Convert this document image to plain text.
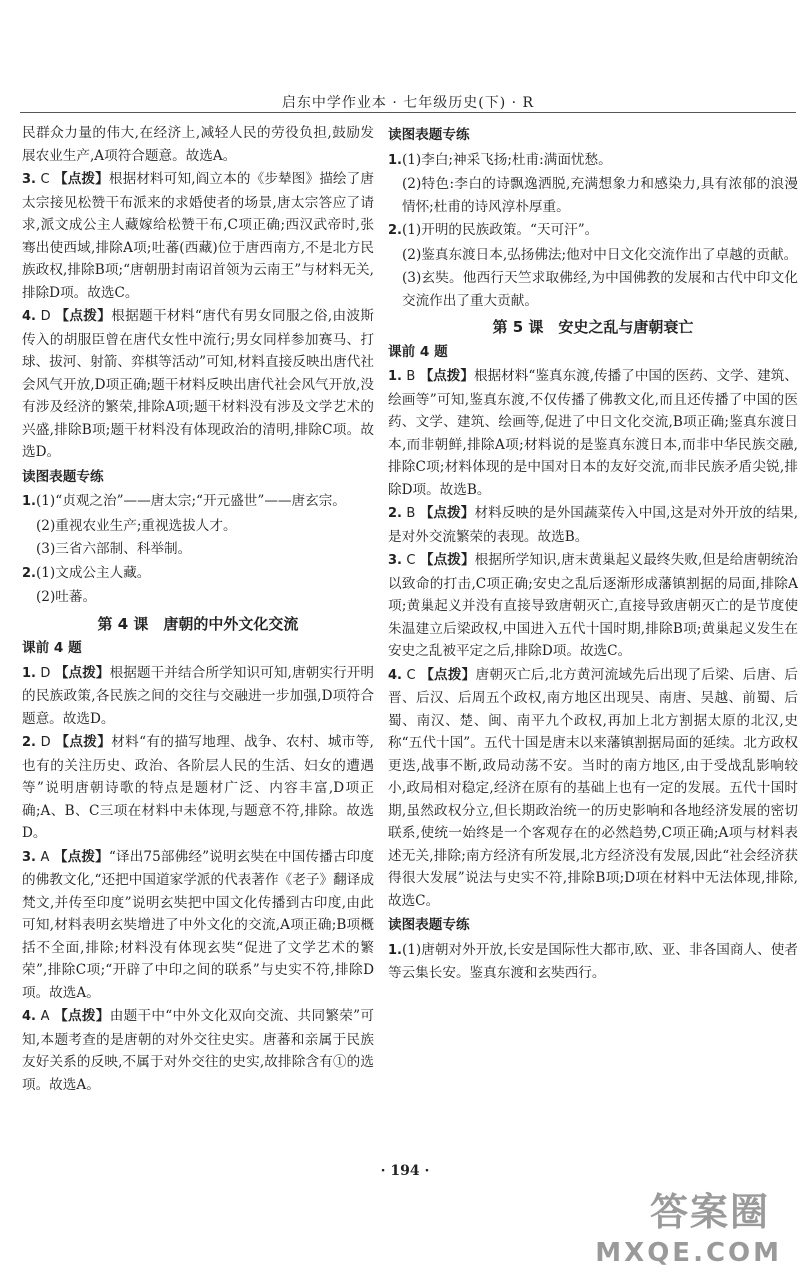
启东中学作业本 · 七年级历史(下) · R
民群众力量的伟大,在经济上,减轻人民的劳役负担,鼓励发展农业生产,A项符合题意。故选A。
3. C 【点拨】根据材料可知,阎立本的《步辇图》描绘了唐太宗接见松赞干布派来的求婚使者的场景,唐太宗答应了请求,派文成公主人藏嫁给松赞干布,C项正确;西汉武帝时,张骞出使西域,排除A项;吐蕃(西藏)位于唐西南方,不是北方民族政权,排除B项;“唐朝册封南诏首领为云南王”与材料无关,排除D项。故选C。
4. D 【点拨】根据题干材料“唐代有男女同服之俗,由波斯传入的胡服臣曾在唐代女性中流行;男女同样参加赛马、打球、拔河、射箭、弈棋等活动”可知,材料直接反映出唐代社会风气开放,D项正确;题干材料反映出唐代社会风气开放,没有涉及经济的繁荣,排除A项;题干材料没有涉及文学艺术的兴盛,排除B项;题干材料没有体现政治的清明,排除C项。故选D。
读图表题专练
1.(1)“贞观之治”——唐太宗;“开元盛世”——唐玄宗。
(2)重视农业生产;重视选拔人才。
(3)三省六部制、科举制。
2.(1)文成公主人藏。
(2)吐蕃。
第 4 课　唐朝的中外文化交流
课前 4 题
1. D 【点拨】根据题干并结合所学知识可知,唐朝实行开明的民族政策,各民族之间的交往与交融进一步加强,D项符合题意。故选D。
2. D 【点拨】材料“有的描写地理、战争、农村、城市等,也有的关注历史、政治、各阶层人民的生活、妇女的遭遇等”说明唐朝诗歌的特点是题材广泛、内容丰富,D项正确;A、B、C三项在材料中未体现,与题意不符,排除。故选D。
3. A 【点拨】“译出75部佛经”说明玄奘在中国传播古印度的佛教文化,“还把中国道家学派的代表著作《老子》翻译成梵文,并传至印度”说明玄奘把中国文化传播到古印度,由此可知,材料表明玄奘增进了中外文化的交流,A项正确;B项概括不全面,排除;材料没有体现玄奘“促进了文学艺术的繁荣”,排除C项;“开辟了中印之间的联系”与史实不符,排除D项。故选A。
4. A 【点拨】由题干中“中外文化双向交流、共同繁荣”可知,本题考查的是唐朝的对外交往史实。唐蕃和亲属于民族友好关系的反映,不属于对外交往的史实,故排除含有①的选项。故选A。
读图表题专练
1.(1)李白;神采飞扬;杜甫:满面忧愁。
(2)特色:李白的诗飘逸洒脱,充满想象力和感染力,具有浓郁的浪漫情怀;杜甫的诗风淳朴厚重。
2.(1)开明的民族政策。“天可汗”。
(2)鉴真东渡日本,弘扬佛法;他对中日文化交流作出了卓越的贡献。
(3)玄奘。他西行天竺求取佛经,为中国佛教的发展和古代中印文化交流作出了重大贡献。
第 5 课　安史之乱与唐朝衰亡
课前 4 题
1. B 【点拨】根据材料“鉴真东渡,传播了中国的医药、文学、建筑、绘画等”可知,鉴真东渡,不仅传播了佛教文化,而且还传播了中国的医药、文学、建筑、绘画等,促进了中日文化交流,B项正确;鉴真东渡日本,而非朝鲜,排除A项;材料说的是鉴真东渡日本,而非中华民族交融,排除C项;材料体现的是中国对日本的友好交流,而非民族矛盾尖锐,排除D项。故选B。
2. B 【点拨】材料反映的是外国蔬菜传入中国,这是对外开放的结果,是对外交流繁荣的表现。故选B。
3. C 【点拨】根据所学知识,唐末黄巢起义最终失败,但是给唐朝统治以致命的打击,C项正确;安史之乱后逐渐形成藩镇割据的局面,排除A项;黄巢起义并没有直接导致唐朝灭亡,直接导致唐朝灭亡的是节度使朱温建立后梁政权,中国进入五代十国时期,排除B项;黄巢起义发生在安史之乱被平定之后,排除D项。故选C。
4. C 【点拨】唐朝灭亡后,北方黄河流域先后出现了后梁、后唐、后晋、后汉、后周五个政权,南方地区出现吴、南唐、吴越、前蜀、后蜀、南汉、楚、闽、南平九个政权,再加上北方割据太原的北汉,史称“五代十国”。五代十国是唐末以来藩镇割据局面的延续。北方政权更迭,战事不断,政局动荡不安。当时的南方地区,由于受战乱影响较小,政局相对稳定,经济在原有的基础上也有一定的发展。五代十国时期,虽然政权分立,但长期政治统一的历史影响和各地经济发展的密切联系,使统一始终是一个客观存在的必然趋势,C项正确;A项与材料表述无关,排除;南方经济有所发展,北方经济没有发展,因此“社会经济获得很大发展”说法与史实不符,排除B项;D项在材料中无法体现,排除,故选C。
读图表题专练
1.(1)唐朝对外开放,长安是国际性大都市,欧、亚、非各国商人、使者等云集长安。鉴真东渡和玄奘西行。
· 194 ·
答案圈
MXQE.COM
